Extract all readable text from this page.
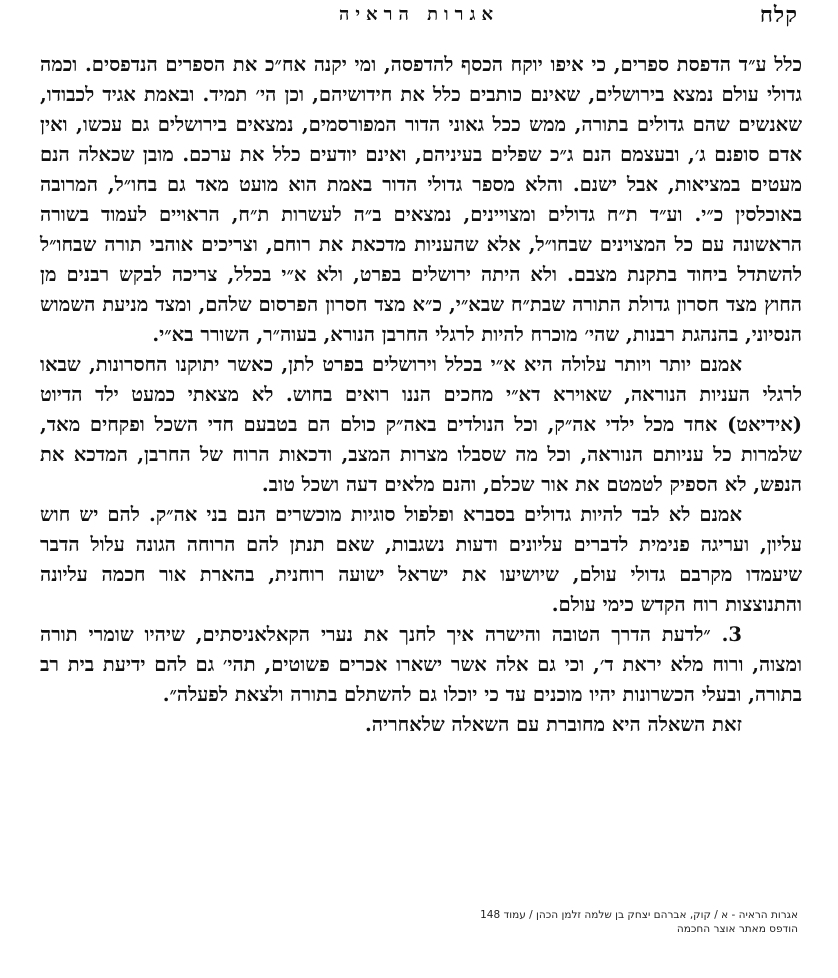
קלח
אגרות הראיה

כלל ע״ד הדפסת ספרים, כי איפו יוקח הכסף להדפסה, ומי יקנה אח״כ את הספרים הנדפסים. וכמה גדולי עולם נמצא בירושלים, שאינם כותבים כלל את חידושיהם, וכן הי׳ תמיד. ובאמת אגיד לכבודו, שאנשים שהם גדולים בתורה, ממש ככל גאוני הדור המפורסמים, נמצאים בירושלים גם עכשו, ואין אדם סופנם ג׳, ובעצמם הנם ג״כ שפלים בעיניהם, ואינם יודעים כלל את ערכם. מובן שכאלה הנם מעטים במציאות, אבל ישנם. והלא מספר גדולי הדור באמת הוא מועט מאד גם בחו״ל, המרובה באוכלסין כ״י. וע״ד ת״ח גדולים ומצויינים, נמצאים ב״ה לעשרות ת״ח, הראויים לעמוד בשורה הראשונה עם כל המצוינים שבחו״ל, אלא שהעניות מדכאת את רוחם, וצריכים אוהבי תורה שבחו״ל להשתדל ביחוד בתקנת מצבם. ולא היתה ירושלים בפרט, ולא א״י בכלל, צריכה לבקש רבנים מן החוץ מצד חסרון גדולת התורה שבת״ח שבא״י, כ״א מצד חסרון הפרסום שלהם, ומצד מניעת השמוש הנסיוני, בהנהגת רבנות, שהי׳ מוכרח להיות לרגלי החרבן הנורא, בעוה״ר, השורר בא״י.

אמנם יותר ויותר עלולה היא א״י בכלל וירושלים בפרט לתן, כאשר יתוקנו החסרונות, שבאו לרגלי העניות הנוראה, שאוירא דא״י מחכים הננו רואים בחוש. לא מצאתי כמעט ילד הדיוט (אידיאט) אחד מכל ילדי אה״ק, וכל הנולדים באה״ק כולם הם בטבעם חדי השכל ופקחים מאד, שלמרות כל עניותם הנוראה, וכל מה שסבלו מצרות המצב, ודכאות הרוח של החרבן, המדכא את הנפש, לא הספיק לטמטם את אור שכלם, והנם מלאים דעה ושכל טוב.

אמנם לא לבד להיות גדולים בסברא ופלפול סוגיות מוכשרים הנם בני אה״ק. להם יש חוש עליון, ועריגה פנימית לדברים עליונים ודעות נשגבות, שאם תנתן להם הרוחה הגונה עלול הדבר שיעמדו מקרבם גדולי עולם, שיושיעו את ישראל ישועה רוחנית, בהארת אור חכמה עליונה והתנוצצות רוח הקדש כימי עולם.

3. ״לדעת הדרך הטובה והישרה איך לחנך את נערי הקאלאניסתים, שיהיו שומרי תורה ומצוה, ורוח מלא יראת ד׳, וכי גם אלה אשר ישארו אכרים פשוטים, תהי׳ גם להם ידיעת בית רב בתורה, ובעלי הכשרונות יהיו מוכנים עד כי יוכלו גם להשתלם בתורה ולצאת לפעלה״.

זאת השאלה היא מחוברת עם השאלה שלאחריה.

אגרות הראיה - א / קוק, אברהם יצחק בן שלמה זלמן הכהן / עמוד 148
הודפס מאתר אוצר החכמה
